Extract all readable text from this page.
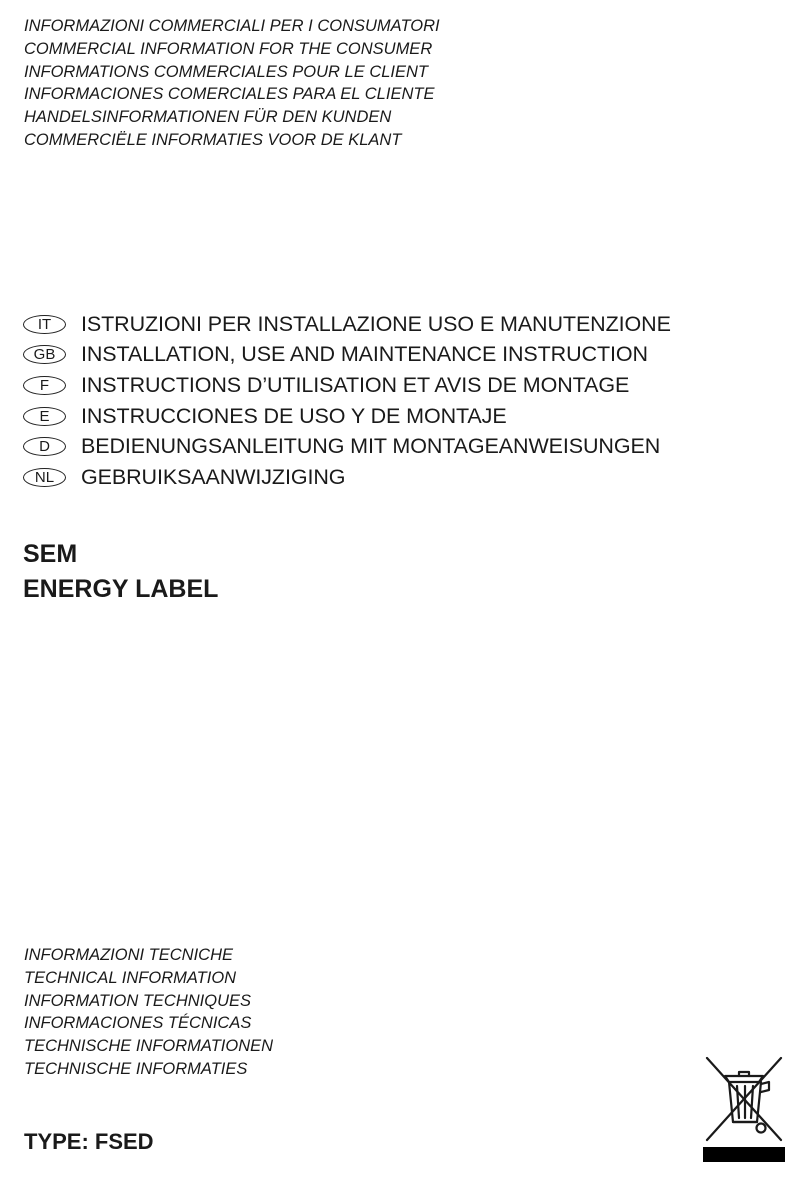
INFORMAZIONI COMMERCIALI PER I CONSUMATORI
COMMERCIAL INFORMATION FOR THE CONSUMER
INFORMATIONS COMMERCIALES POUR LE CLIENT
INFORMACIONES COMERCIALES PARA EL CLIENTE
HANDELSINFORMATIONEN FÜR DEN KUNDEN
COMMERCIËLE INFORMATIES VOOR DE KLANT
IT	ISTRUZIONI PER INSTALLAZIONE USO E MANUTENZIONE
GB	INSTALLATION, USE AND MAINTENANCE INSTRUCTION
F	INSTRUCTIONS D’UTILISATION ET AVIS DE MONTAGE
E	INSTRUCCIONES DE USO Y DE MONTAJE
D	BEDIENUNGSANLEITUNG MIT MONTAGEANWEISUNGEN
NL	GEBRUIKSAANWIJZIGING
SEM
ENERGY LABEL
INFORMAZIONI TECNICHE
TECHNICAL INFORMATION
INFORMATION TECHNIQUES
INFORMACIONES TÉCNICAS
TECHNISCHE INFORMATIONEN
TECHNISCHE INFORMATIES
TYPE: FSED
